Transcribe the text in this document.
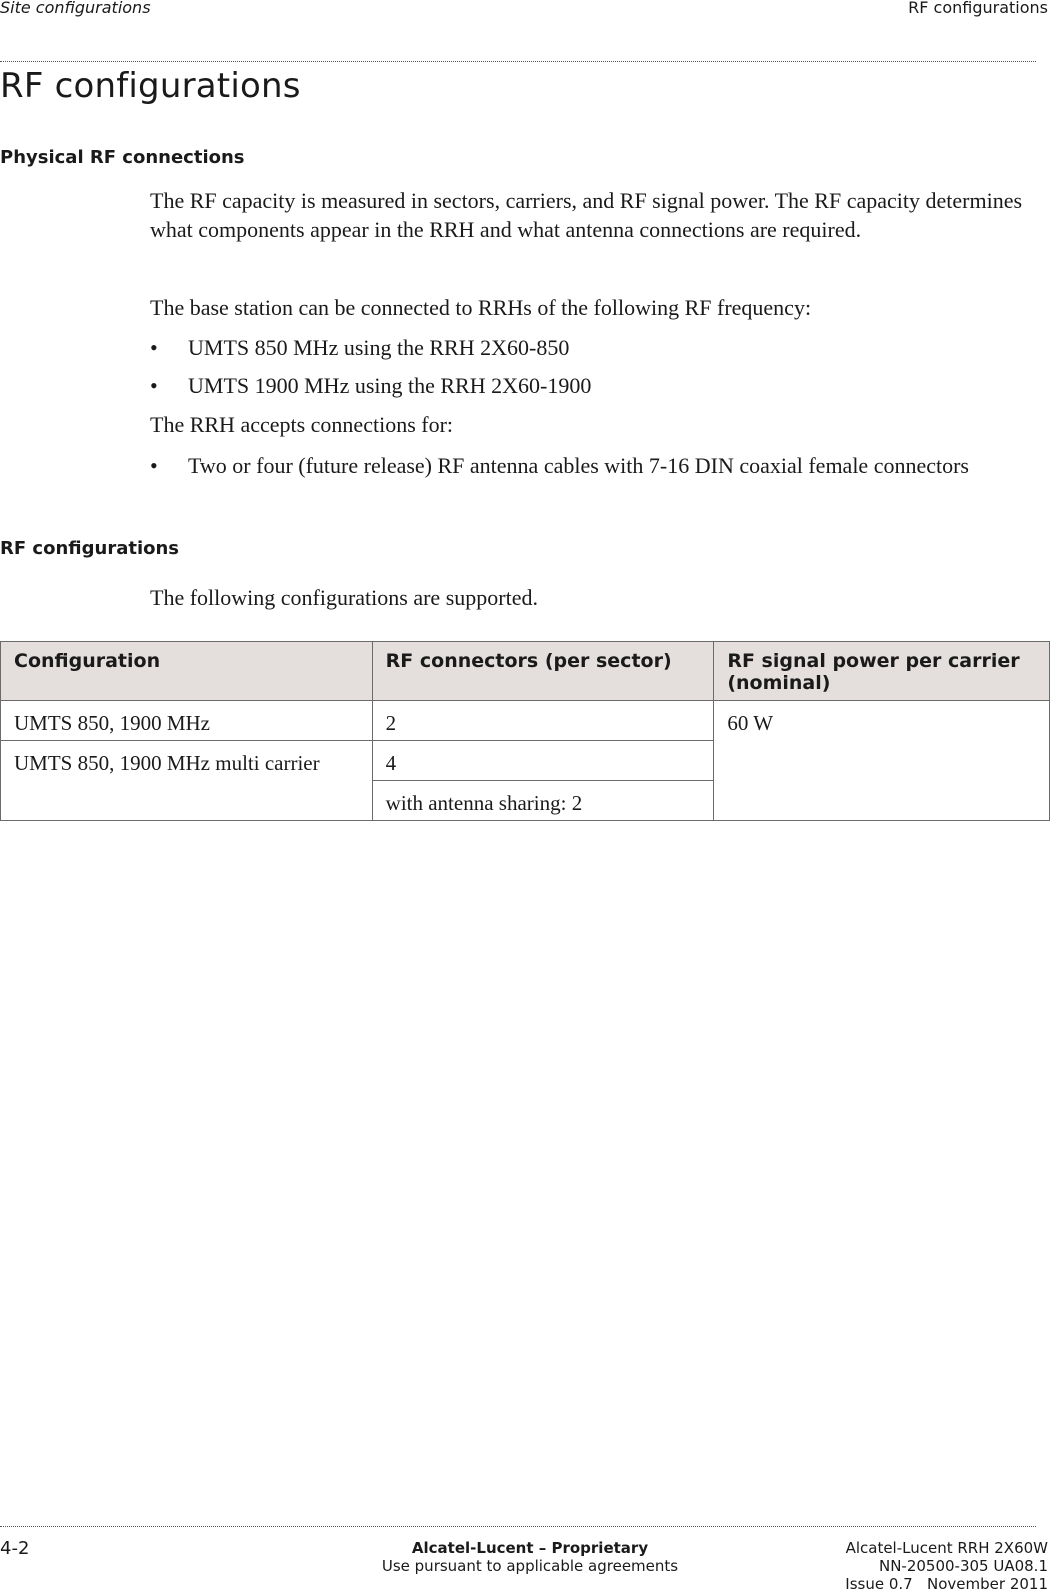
Site configurations	RF configurations
RF configurations
Physical RF connections

The RF capacity is measured in sectors, carriers, and RF signal power. The RF capacity determines what components appear in the RRH and what antenna connections are required.

The base station can be connected to RRHs of the following RF frequency:

• UMTS 850 MHz using the RRH 2X60-850
• UMTS 1900 MHz using the RRH 2X60-1900

The RRH accepts connections for:

• Two or four (future release) RF antenna cables with 7-16 DIN coaxial female connectors
RF configurations

The following configurations are supported.

Configuration	RF connectors (per sector)	RF signal power per carrier (nominal)
UMTS 850, 1900 MHz	2	60 W
UMTS 850, 1900 MHz multi carrier	4	
	with antenna sharing: 2	
4-2	Alcatel-Lucent – Proprietary
Use pursuant to applicable agreements
Alcatel-Lucent RRH 2X60W
NN-20500-305 UA08.1
Issue 0.7   November 2011
